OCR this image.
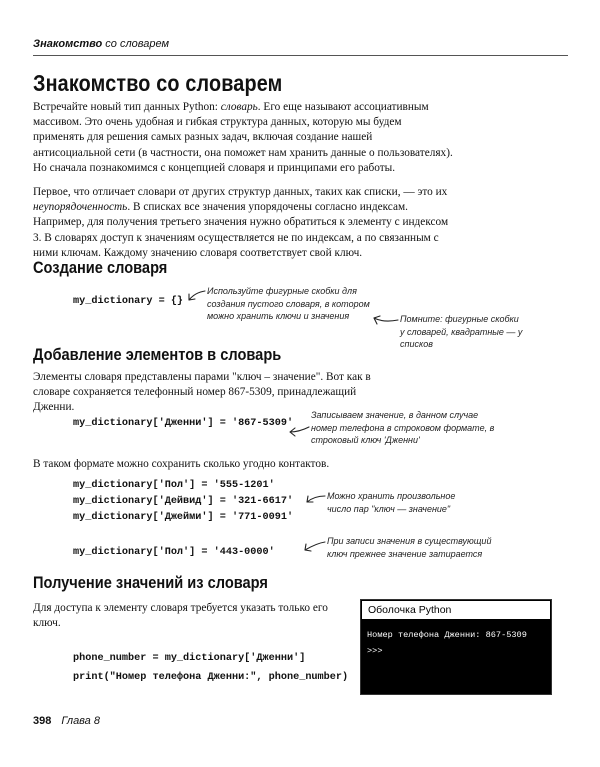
Знакомство со словарем
Знакомство со словарем
Встречайте новый тип данных Python: словарь. Его еще называют ассоциативным массивом. Это очень удобная и гибкая структура данных, которую мы будем применять для решения самых разных задач, включая создание нашей антисоциальной сети (в частности, она поможет нам хранить данные о пользователях). Но сначала познакомимся с концепцией словаря и принципами его работы.
Первое, что отличает словари от других структур данных, таких как списки, — это их неупорядоченность. В списках все значения упорядочены согласно индексам. Например, для получения третьего значения нужно обратиться к элементу с индексом 3. В словарях доступ к значениям осуществляется не по индексам, а по связанным с ними ключам. Каждому значению словаря соответствует свой ключ.
Создание словаря
my_dictionary = {}
Используйте фигурные скобки для создания пустого словаря, в котором можно хранить ключи и значения	Помните: фигурные скобки у словарей, квадратные — у списков
Добавление элементов в словарь
Элементы словаря представлены парами "ключ – значение". Вот как в словаре сохраняется телефонный номер 867-5309, принадлежащий Дженни.
my_dictionary['Дженни'] = '867-5309'
Записываем значение, в данном случае номер телефона в строковом формате, в строковый ключ 'Дженни'
В таком формате можно сохранить сколько угодно контактов.
my_dictionary['Пол'] = '555-1201'
my_dictionary['Дейвид'] = '321-6617'
my_dictionary['Джейми'] = '771-0091'
Можно хранить произвольное число пар "ключ — значение"
my_dictionary['Пол'] = '443-0000'
При записи значения в существующий ключ прежнее значение затирается
Получение значений из словаря
Для доступа к элементу словаря требуется указать только его ключ.
phone_number = my_dictionary['Дженни']
print("Номер телефона Дженни:", phone_number)
Оболочка Python
Номер телефона Дженни: 867-5309
>>>
398 Глава 8
